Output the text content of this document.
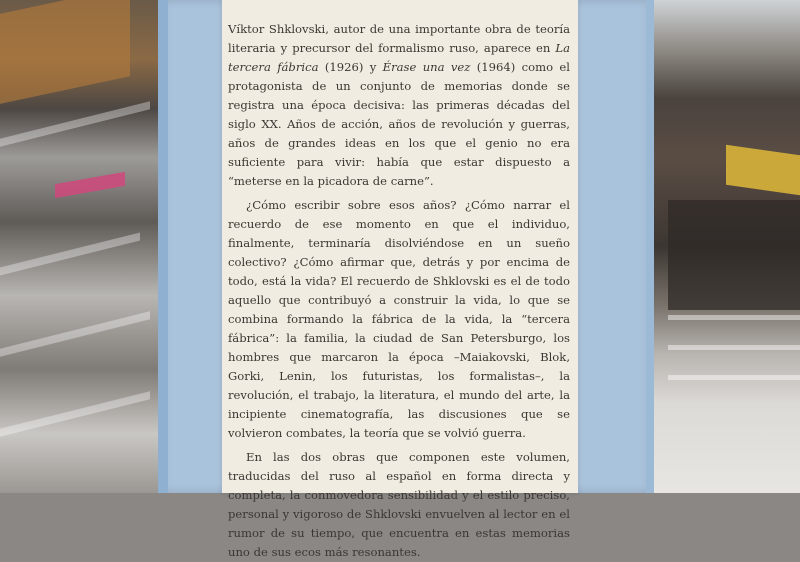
Víktor Shklovski, autor de una importante obra de teoría literaria y precursor del formalismo ruso, aparece en La tercera fábrica (1926) y Érase una vez (1964) como el protagonista de un conjunto de memorias donde se registra una época decisiva: las primeras décadas del siglo XX. Años de acción, años de revolución y guerras, años de grandes ideas en los que el genio no era suficiente para vivir: había que estar dispuesto a “meterse en la picadora de carne”.

¿Cómo escribir sobre esos años? ¿Cómo narrar el recuerdo de ese momento en que el individuo, finalmente, terminaría disolviéndose en un sueño colectivo? ¿Cómo afirmar que, detrás y por encima de todo, está la vida? El recuerdo de Shklovski es el de todo aquello que contribuyó a construir la vida, lo que se combina formando la fábrica de la vida, la “tercera fábrica”: la familia, la ciudad de San Petersburgo, los hombres que marcaron la época –Maiakovski, Blok, Gorki, Lenin, los futuristas, los formalistas–, la revolución, el trabajo, la literatura, el mundo del arte, la incipiente cinematografía, las discusiones que se volvieron combates, la teoría que se volvió guerra.

En las dos obras que componen este volumen, traducidas del ruso al español en forma directa y completa, la conmovedora sensibilidad y el estilo preciso, personal y vigoroso de Shklovski envuelven al lector en el rumor de su tiempo, que encuentra en estas memorias uno de sus ecos más resonantes.
